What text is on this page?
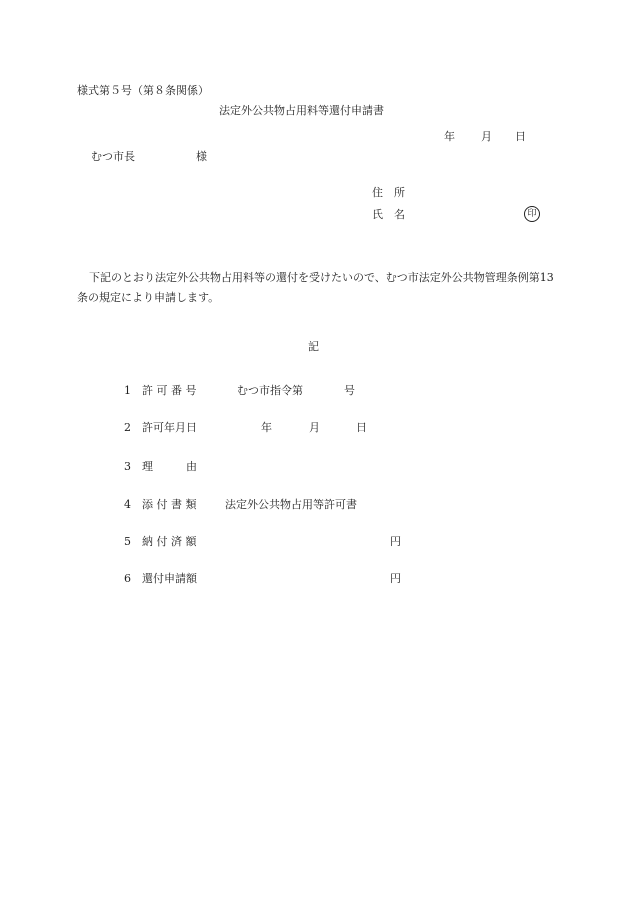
様式第５号（第８条関係）
法定外公共物占用料等還付申請書
年 月 日
むつ市長	様
住　所
氏　名	印
下記のとおり法定外公共物占用料等の還付を受けたいので、むつ市法定外公共物管理条例第13条の規定により申請します。
記
1 許 可 番 号	むつ市指令第	号
2 許可年月日	年	月	日
3 理　　　由
4 添 付 書 類	法定外公共物占用等許可書
5 納 付 済 額	円
6 還付申請額	円
